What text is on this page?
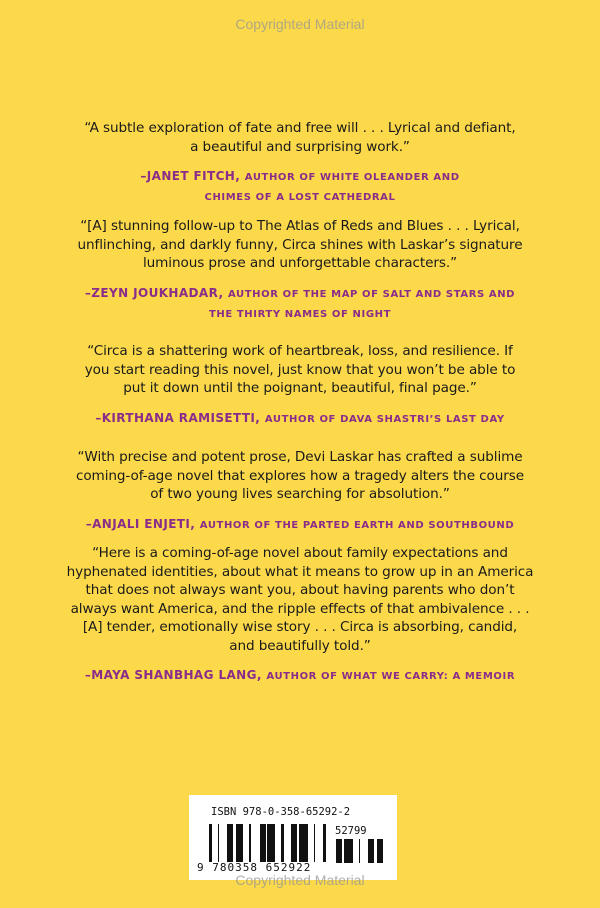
Copyrighted Material

“A subtle exploration of fate and free will . . . Lyrical and defiant,
a beautiful and surprising work.”

–JANET FITCH, AUTHOR OF WHITE OLEANDER AND
CHIMES OF A LOST CATHEDRAL

“[A] stunning follow-up to The Atlas of Reds and Blues . . . Lyrical,
unflinching, and darkly funny, Circa shines with Laskar’s signature
luminous prose and unforgettable characters.”

–ZEYN JOUKHADAR, AUTHOR OF THE MAP OF SALT AND STARS AND
THE THIRTY NAMES OF NIGHT

“Circa is a shattering work of heartbreak, loss, and resilience. If
you start reading this novel, just know that you won’t be able to
put it down until the poignant, beautiful, final page.”

–KIRTHANA RAMISETTI, AUTHOR OF DAVA SHASTRI’S LAST DAY

“With precise and potent prose, Devi Laskar has crafted a sublime
coming-of-age novel that explores how a tragedy alters the course
of two young lives searching for absolution.”

–ANJALI ENJETI, AUTHOR OF THE PARTED EARTH AND SOUTHBOUND

“Here is a coming-of-age novel about family expectations and
hyphenated identities, about what it means to grow up in an America
that does not always want you, about having parents who don’t
always want America, and the ripple effects of that ambivalence . . .
[A] tender, emotionally wise story . . . Circa is absorbing, candid,
and beautifully told.”

–MAYA SHANBHAG LANG, AUTHOR OF WHAT WE CARRY: A MEMOIR
ISBN 978-0-358-65292-2
52799
9 780358 652922
Copyrighted Material
